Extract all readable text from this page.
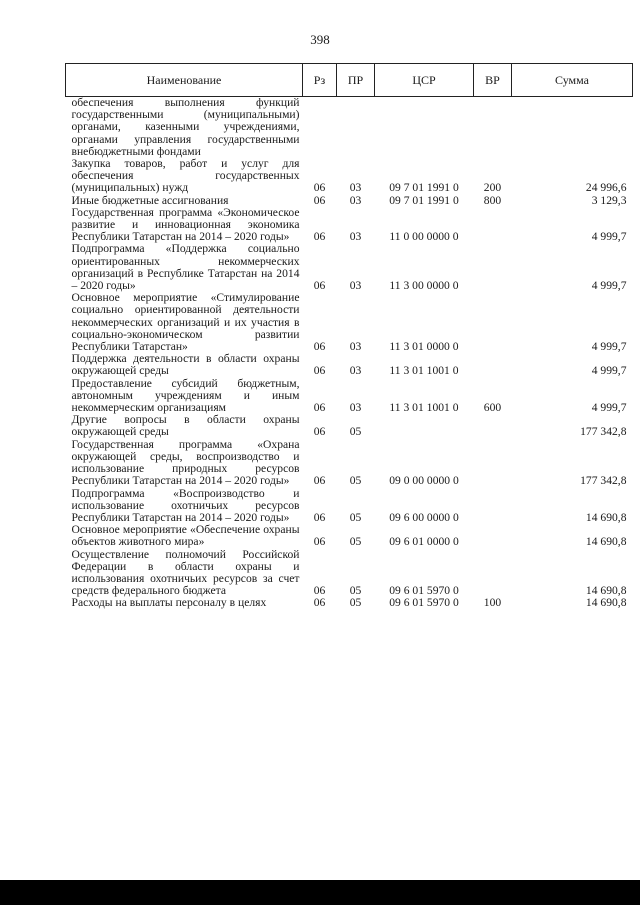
398
Наименование	Рз	ПР	ЦСР	ВР	Сумма
обеспечения выполнения функций государственными (муниципальными) органами, казенными учреждениями, органами управления государственными внебюджетными фондами					
Закупка товаров, работ и услуг для обеспечения государственных (муниципальных) нужд	06	03	09 7 01 1991 0	200	24 996,6
Иные бюджетные ассигнования	06	03	09 7 01 1991 0	800	3 129,3
Государственная программа «Экономическое развитие и инновационная экономика Республики Татарстан на 2014 – 2020 годы»	06	03	11 0 00 0000 0		4 999,7
Подпрограмма «Поддержка социально ориентированных некоммерческих организаций в Республике Татарстан на 2014 – 2020 годы»	06	03	11 3 00 0000 0		4 999,7
Основное мероприятие «Стимулирование социально ориентированной деятельности некоммерческих организаций и их участия в социально-экономическом развитии Республики Татарстан»	06	03	11 3 01 0000 0		4 999,7
Поддержка деятельности в области охраны окружающей среды	06	03	11 3 01 1001 0		4 999,7
Предоставление субсидий бюджетным, автономным учреждениям и иным некоммерческим организациям	06	03	11 3 01 1001 0	600	4 999,7
Другие вопросы в области охраны окружающей среды	06	05			177 342,8
Государственная программа «Охрана окружающей среды, воспроизводство и использование природных ресурсов Республики Татарстан на 2014 – 2020 годы»	06	05	09 0 00 0000 0		177 342,8
Подпрограмма «Воспроизводство и использование охотничьих ресурсов Республики Татарстан на 2014 – 2020 годы»	06	05	09 6 00 0000 0		14 690,8
Основное мероприятие «Обеспечение охраны объектов животного мира»	06	05	09 6 01 0000 0		14 690,8
Осуществление полномочий Российской Федерации в области охраны и использования охотничьих ресурсов за счет средств федерального бюджета	06	05	09 6 01 5970 0		14 690,8
Расходы на выплаты персоналу в целях	06	05	09 6 01 5970 0	100	14 690,8
